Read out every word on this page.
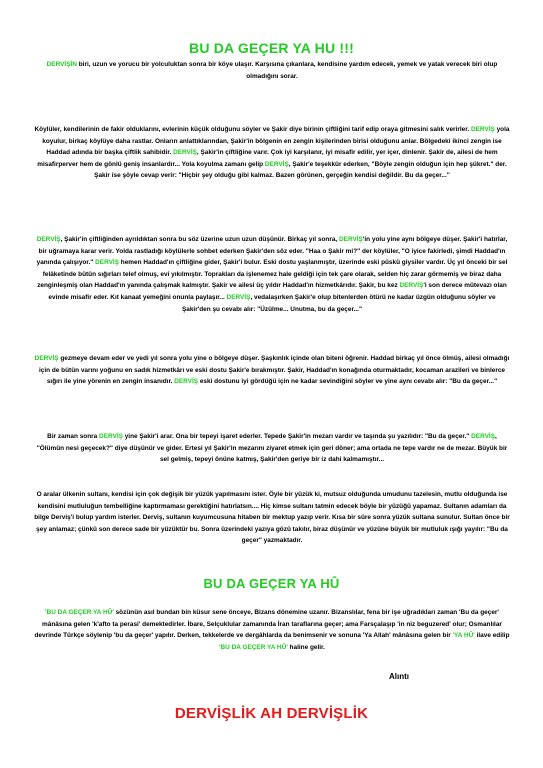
BU DA GEÇER YA HU !!!

DERVİŞİN biri, uzun ve yorucu bir yolculuktan sonra bir köye ulaşır. Karşısına çıkanlara, kendisine yardım edecek, yemek ve yatak verecek biri olup olmadığını sorar.

Köylüler, kendilerinin de fakir olduklarını, evlerinin küçük olduğunu söyler ve Şakir diye birinin çiftliğini tarif edip oraya gitmesini salık verirler. DERVİŞ yola koyulur, birkaç köylüye daha rastlar. Onların anlattıklarından, Şakir'in bölgenin en zengin kişilerinden birisi olduğunu anlar. Bölgedeki ikinci zengin ise Haddad adında bir başka çiftlik sahibidir. DERVİŞ, Şakir'in çiftliğine varır. Çok iyi karşılanır, iyi misafir edilir, yer içer, dinlenir. Şakir de, ailesi de hem misafirperver hem de gönlü geniş insanlardır... Yola koyulma zamanı gelip DERVİŞ, Şakir'e teşekkür ederken, "Böyle zengin olduğun için hep şükret." der. Şakir ise şöyle cevap verir: "Hiçbir şey olduğu gibi kalmaz. Bazen görünen, gerçeğin kendisi değildir. Bu da geçer..."

DERVİŞ, Şakir'in çiftliğinden ayrıldıktan sonra bu söz üzerine uzun uzun düşünür. Birkaç yıl sonra, DERVİŞ'in yolu yine aynı bölgeye düşer. Şakir'i hatırlar, bir uğramaya karar verir. Yolda rastladığı köylülerle sohbet ederken Şakir'den söz eder. "Haa o Şakir mi?" der köylüler, "O iyice fakirledi, şimdi Haddad'ın yanında çalışıyor." DERVİŞ hemen Haddad'ın çiftliğine gider, Şakir'i bulur. Eski dostu yaşlanmıştır, üzerinde eski püskü giysiler vardır. Üç yıl önceki bir sel felâketinde bütün sığırları telef olmuş, evi yıkılmıştır. Toprakları da işlenemez hale geldiği için tek çare olarak, selden hiç zarar görmemiş ve biraz daha zenginleşmiş olan Haddad'ın yanında çalışmak kalmıştır. Şakir ve ailesi üç yıldır Haddad'ın hizmetkârıdır. Şakir, bu kez DERVİŞ'i son derece mütevazı olan evinde misafir eder. Kıt kanaat yemeğini onunla paylaşır... DERVİŞ, vedalaşırken Şakir'e olup bitenlerden ötürü ne kadar üzgün olduğunu söyler ve Şakir'den şu cevabı alır: "Üzülme... Unutma, bu da geçer..."

DERVİŞ gezmeye devam eder ve yedi yıl sonra yolu yine o bölgeye düşer. Şaşkınlık içinde olan biteni öğrenir. Haddad birkaç yıl önce ölmüş, ailesi olmadığı için de bütün varını yoğunu en sadık hizmetkârı ve eski dostu Şakir'e bırakmıştır. Şakir, Haddad'ın konağında oturmaktadır, kocaman arazileri ve binlerce sığırı ile yine yörenin en zengin insanıdır. DERVİŞ eski dostunu iyi gördüğü için ne kadar sevindiğini söyler ve yine aynı cevabı alır: "Bu da geçer..."

Bir zaman sonra DERVİŞ yine Şakir'i arar. Ona bir tepeyi işaret ederler. Tepede Şakir'in mezarı vardır ve taşında şu yazılıdır: "Bu da geçer." DERVİŞ, "Ölümün nesi geçecek?" diye düşünür ve gider. Ertesi yıl Şakir'in mezarını ziyaret etmek için geri döner; ama ortada ne tepe vardır ne de mezar. Büyük bir sel gelmiş, tepeyi önüne katmış, Şakir'den geriye bir iz dahi kalmamıştır...

O aralar ülkenin sultanı, kendisi için çok değişik bir yüzük yapılmasını ister. Öyle bir yüzük ki, mutsuz olduğunda umudunu tazelesin, mutlu olduğunda ise kendisini mutluluğun tembelliğine kaptırmaması gerektiğini hatırlatsın.... Hiç kimse sultanı tatmin edecek böyle bir yüzüğü yapamaz. Sultanın adamları da bilge Derviş'i bulup yardım isterler. Derviş, sultanın kuyumcusuna hitaben bir mektup yazıp verir. Kısa bir süre sonra yüzük sultana sunulur. Sultan önce bir şey anlamaz; çünkü son derece sade bir yüzüktür bu. Sonra üzerindeki yazıya gözü takılır, biraz düşünür ve yüzüne büyük bir mutluluk ışığı yayılır: "Bu da geçer" yazmaktadır.

BU DA GEÇER YA HÛ

'BU DA GEÇER YA HÛ' sözünün asıl bundan bin küsur sene önceye, Bizans dönemine uzanır. Bizanslılar, fena bir işe uğradıkları zaman 'Bu da geçer' mânâsına gelen 'k'afto ta perasi' demektedirler. İbare, Selçuklular zamanında İran taraflarına geçer; ama Farsçalaşıp 'in niz beguzered' olur; Osmanlılar devrinde Türkçe söylenip 'bu da geçer' yapılır. Derken, tekkelerde ve dergâhlarda da benimsenir ve sonuna 'Ya Allah' mânâsına gelen bir 'YA HÛ' ilave edilip 'BU DA GEÇER YA HÛ' haline gelir.

Alıntı
DERVİŞLİK AH DERVİŞLİK
